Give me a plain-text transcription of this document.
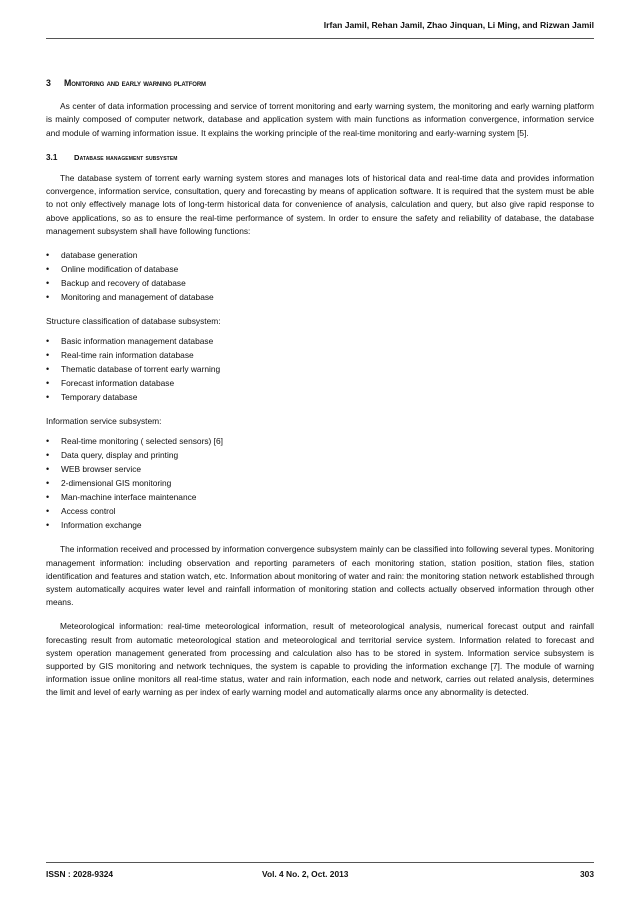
Irfan Jamil, Rehan Jamil, Zhao Jinquan, Li Ming, and Rizwan Jamil
3	Monitoring and early warning platform

As center of data information processing and service of torrent monitoring and early warning system, the monitoring and early warning platform is mainly composed of computer network, database and application system with main functions as information convergence, information service and module of warning information issue. It explains the working principle of the real-time monitoring and early-warning system [5].

3.1	Database management subsystem

The database system of torrent early warning system stores and manages lots of historical data and real-time data and provides information convergence, information service, consultation, query and forecasting by means of application software. It is required that the system must be able to not only effectively manage lots of long-term historical data for convenience of analysis, calculation and query, but also give rapid response to above applications, so as to ensure the real-time performance of system. In order to ensure the safety and reliability of database, the database management subsystem shall have following functions:

•	database generation
•	Online modification of database
•	Backup and recovery of database
•	Monitoring and management of database

Structure classification of database subsystem:

•	Basic information management database
•	Real-time rain information database
•	Thematic database of torrent early warning
•	Forecast information database
•	Temporary database

Information service subsystem:

•	Real-time monitoring ( selected sensors) [6]
•	Data query, display and printing
•	WEB browser service
•	2-dimensional GIS monitoring
•	Man-machine interface maintenance
•	Access control
•	Information exchange

The information received and processed by information convergence subsystem mainly can be classified into following several types. Monitoring management information: including observation and reporting parameters of each monitoring station, station position, station files, station identification and features and station watch, etc. Information about monitoring of water and rain: the monitoring station network established through system automatically acquires water level and rainfall information of monitoring station and collects actually observed information through other means.

Meteorological information: real-time meteorological information, result of meteorological analysis, numerical forecast output and rainfall forecasting result from automatic meteorological station and meteorological and territorial service system. Information related to forecast and system operation management generated from processing and calculation also has to be stored in system. Information service subsystem is supported by GIS monitoring and network techniques, the system is capable to providing the information exchange [7]. The module of warning information issue online monitors all real-time status, water and rain information, each node and network, carries out related analysis, determines the limit and level of early warning as per index of early warning model and automatically alarms once any abnormality is detected.

ISSN : 2028-9324	Vol. 4 No. 2, Oct. 2013	303
